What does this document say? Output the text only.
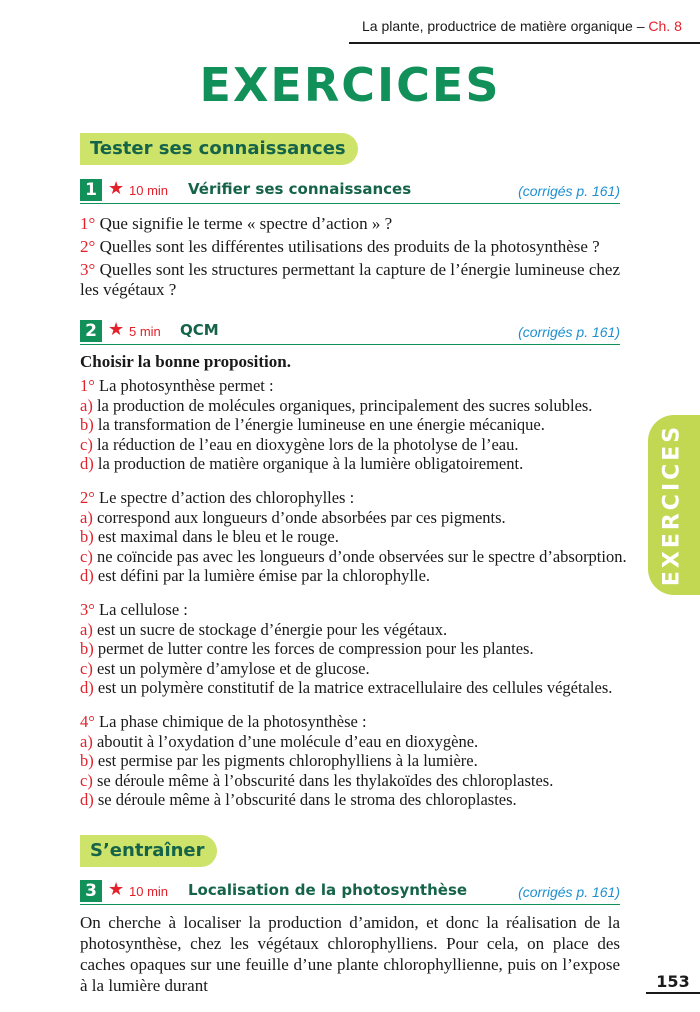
La plante, productrice de matière organique – Ch. 8
EXERCICES
Tester ses connaissances
1 ★ 10 min Vérifier ses connaissances	(corrigés p. 161)
1° Que signifie le terme « spectre d’action » ?
2° Quelles sont les différentes utilisations des produits de la photosynthèse ?
3° Quelles sont les structures permettant la capture de l’énergie lumineuse chez les végétaux ?
2 ★ 5 min QCM	(corrigés p. 161)
Choisir la bonne proposition.
1° La photosynthèse permet :
a) la production de molécules organiques, principalement des sucres solubles.
b) la transformation de l’énergie lumineuse en une énergie mécanique.
c) la réduction de l’eau en dioxygène lors de la photolyse de l’eau.
d) la production de matière organique à la lumière obligatoirement.
2° Le spectre d’action des chlorophylles :
a) correspond aux longueurs d’onde absorbées par ces pigments.
b) est maximal dans le bleu et le rouge.
c) ne coïncide pas avec les longueurs d’onde observées sur le spectre d’absorption.
d) est défini par la lumière émise par la chlorophylle.
3° La cellulose :
a) est un sucre de stockage d’énergie pour les végétaux.
b) permet de lutter contre les forces de compression pour les plantes.
c) est un polymère d’amylose et de glucose.
d) est un polymère constitutif de la matrice extracellulaire des cellules végétales.
4° La phase chimique de la photosynthèse :
a) aboutit à l’oxydation d’une molécule d’eau en dioxygène.
b) est permise par les pigments chlorophylliens à la lumière.
c) se déroule même à l’obscurité dans les thylakoïdes des chloroplastes.
d) se déroule même à l’obscurité dans le stroma des chloroplastes.
S’entraîner
3 ★ 10 min Localisation de la photosynthèse	(corrigés p. 161)
On cherche à localiser la production d’amidon, et donc la réalisation de la photosynthèse, chez les végétaux chlorophylliens. Pour cela, on place des caches opaques sur une feuille d’une plante chlorophyllienne, puis on l’expose à la lumière durant
EXERCICES
153
